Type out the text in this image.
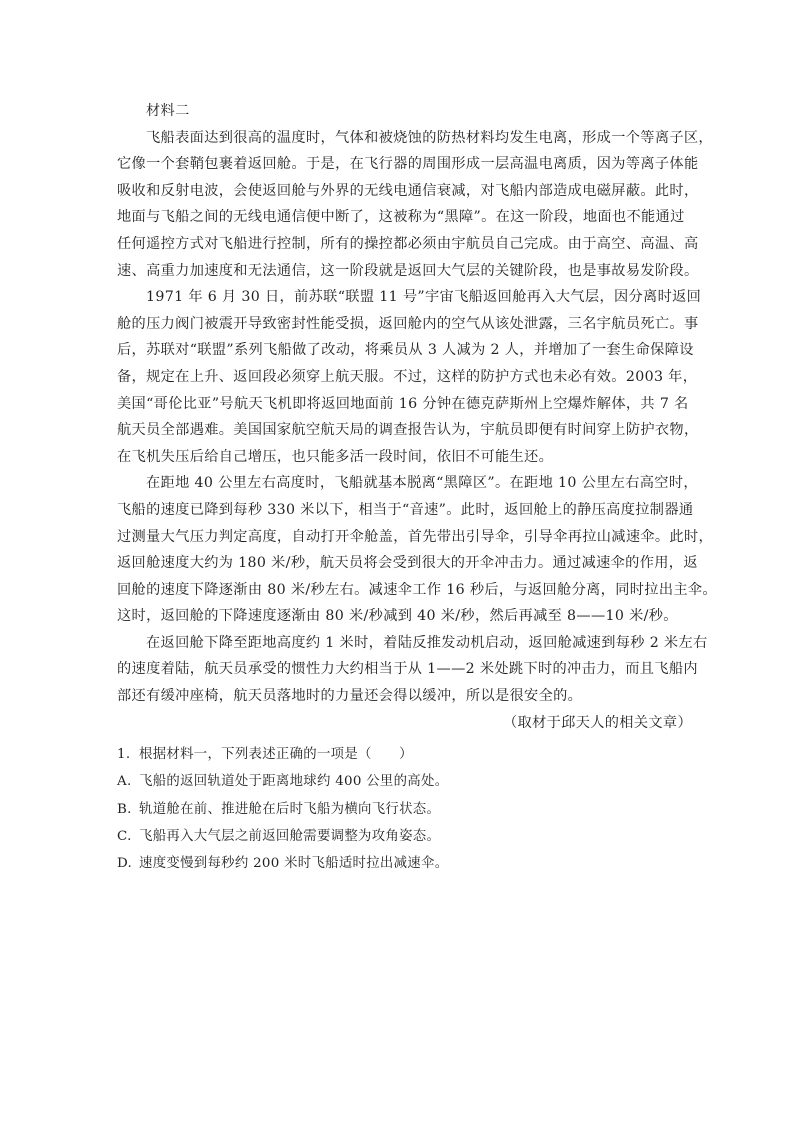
材料二
飞船表面达到很高的温度时，气体和被烧蚀的防热材料均发生电离，形成一个等离子区，
它像一个套鞘包裹着返回舱。于是，在飞行器的周围形成一层高温电离质，因为等离子体能
吸收和反射电波，会使返回舱与外界的无线电通信衰减，对飞船内部造成电磁屏蔽。此时，
地面与飞船之间的无线电通信便中断了，这被称为“黑障”。在这一阶段，地面也不能通过
任何遥控方式对飞船进行控制，所有的操控都必须由宇航员自己完成。由于高空、高温、高
速、高重力加速度和无法通信，这一阶段就是返回大气层的关键阶段，也是事故易发阶段。
1971 年 6 月 30 日，前苏联“联盟 11 号”宇宙飞船返回舱再入大气层，因分离时返回
舱的压力阀门被震开导致密封性能受损，返回舱内的空气从该处泄露，三名宇航员死亡。事
后，苏联对“联盟”系列飞船做了改动，将乘员从 3 人减为 2 人，并增加了一套生命保障设
备，规定在上升、返回段必须穿上航天服。不过，这样的防护方式也未必有效。2003 年，
美国“哥伦比亚”号航天飞机即将返回地面前 16 分钟在德克萨斯州上空爆炸解体，共 7 名
航天员全部遇难。美国国家航空航天局的调查报告认为，宇航员即便有时间穿上防护衣物，
在飞机失压后给自己增压，也只能多活一段时间，依旧不可能生还。
在距地 40 公里左右高度时，飞船就基本脱离“黑障区”。在距地 10 公里左右高空时，
飞船的速度已降到每秒 330 米以下，相当于“音速”。此时，返回舱上的静压高度拉制器通
过测量大气压力判定高度，自动打开伞舱盖，首先带出引导伞，引导伞再拉山减速伞。此时，
返回舱速度大约为 180 米/秒，航天员将会受到很大的开伞冲击力。通过减速伞的作用，返
回舱的速度下降逐渐由 80 米/秒左右。减速伞工作 16 秒后，与返回舱分离，同时拉出主伞。
这时，返回舱的下降速度逐渐由 80 米/秒减到 40 米/秒，然后再减至 8——10 米/秒。
在返回舱下降至距地高度约 1 米时，着陆反推发动机启动，返回舱减速到每秒 2 米左右
的速度着陆，航天员承受的惯性力大约相当于从 1——2 米处跳下时的冲击力，而且飞船内
部还有缓冲座椅，航天员落地时的力量还会得以缓冲，所以是很安全的。
（取材于邱天人的相关文章）
1. 根据材料一，下列表述正确的一项是（　　）
A. 飞船的返回轨道处于距离地球约 400 公里的高处。
B. 轨道舱在前、推进舱在后时飞船为横向飞行状态。
C. 飞船再入大气层之前返回舱需要调整为攻角姿态。
D. 速度变慢到每秒约 200 米时飞船适时拉出减速伞。
